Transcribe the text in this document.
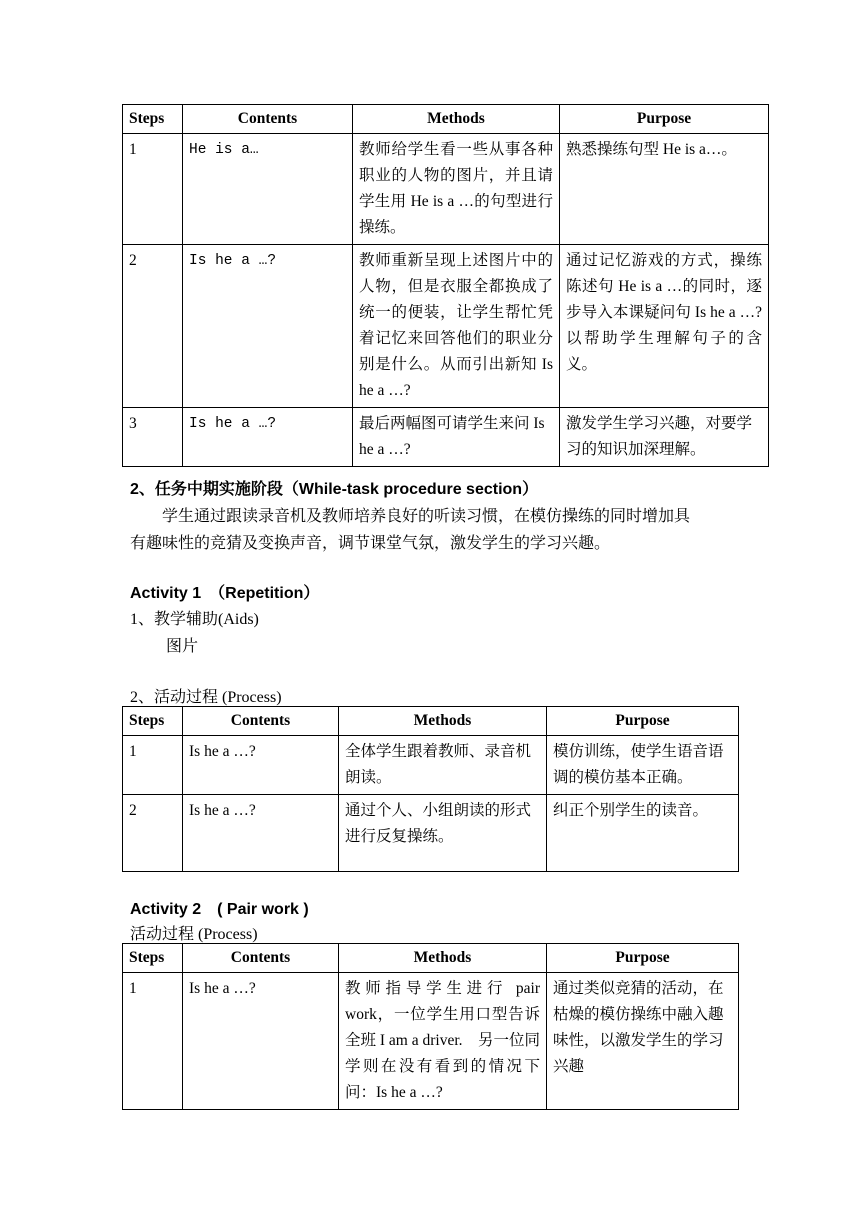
Steps	Contents	Methods	Purpose
1	He is a…	教师给学生看一些从事各种职业的人物的图片，并且请学生用 He is a …的句型进行操练。	熟悉操练句型 He is a…。
2	Is he a …?	教师重新呈现上述图片中的人物，但是衣服全都换成了统一的便装，让学生帮忙凭着记忆来回答他们的职业分别是什么。从而引出新知 Is he a …?	通过记忆游戏的方式，操练陈述句 He is a …的同时，逐步导入本课疑问句 Is he a …? 以帮助学生理解句子的含义。
3	Is he a …?	最后两幅图可请学生来问 Is he a …?	激发学生学习兴趣，对要学习的知识加深理解。
2、任务中期实施阶段（While-task procedure section）
学生通过跟读录音机及教师培养良好的听读习惯，在模仿操练的同时增加具
有趣味性的竞猜及变换声音，调节课堂气氛，激发学生的学习兴趣。
Activity 1　（Repetition）
1、教学辅助(Aids)
图片
2、活动过程 (Process)
Steps	Contents	Methods	Purpose
1	Is he a …?	全体学生跟着教师、录音机朗读。	模仿训练，使学生语音语调的模仿基本正确。
2	Is he a …?	通过个人、小组朗读的形式进行反复操练。	纠正个别学生的读音。
Activity 2　( Pair work )
活动过程 (Process)
Steps	Contents	Methods	Purpose
1	Is he a …?	教师指导学生进行 pair work，一位学生用口型告诉全班 I am a driver.　另一位同学则在没有看到的情况下问：Is he a …?	通过类似竞猜的活动，在枯燥的模仿操练中融入趣味性，以激发学生的学习兴趣
